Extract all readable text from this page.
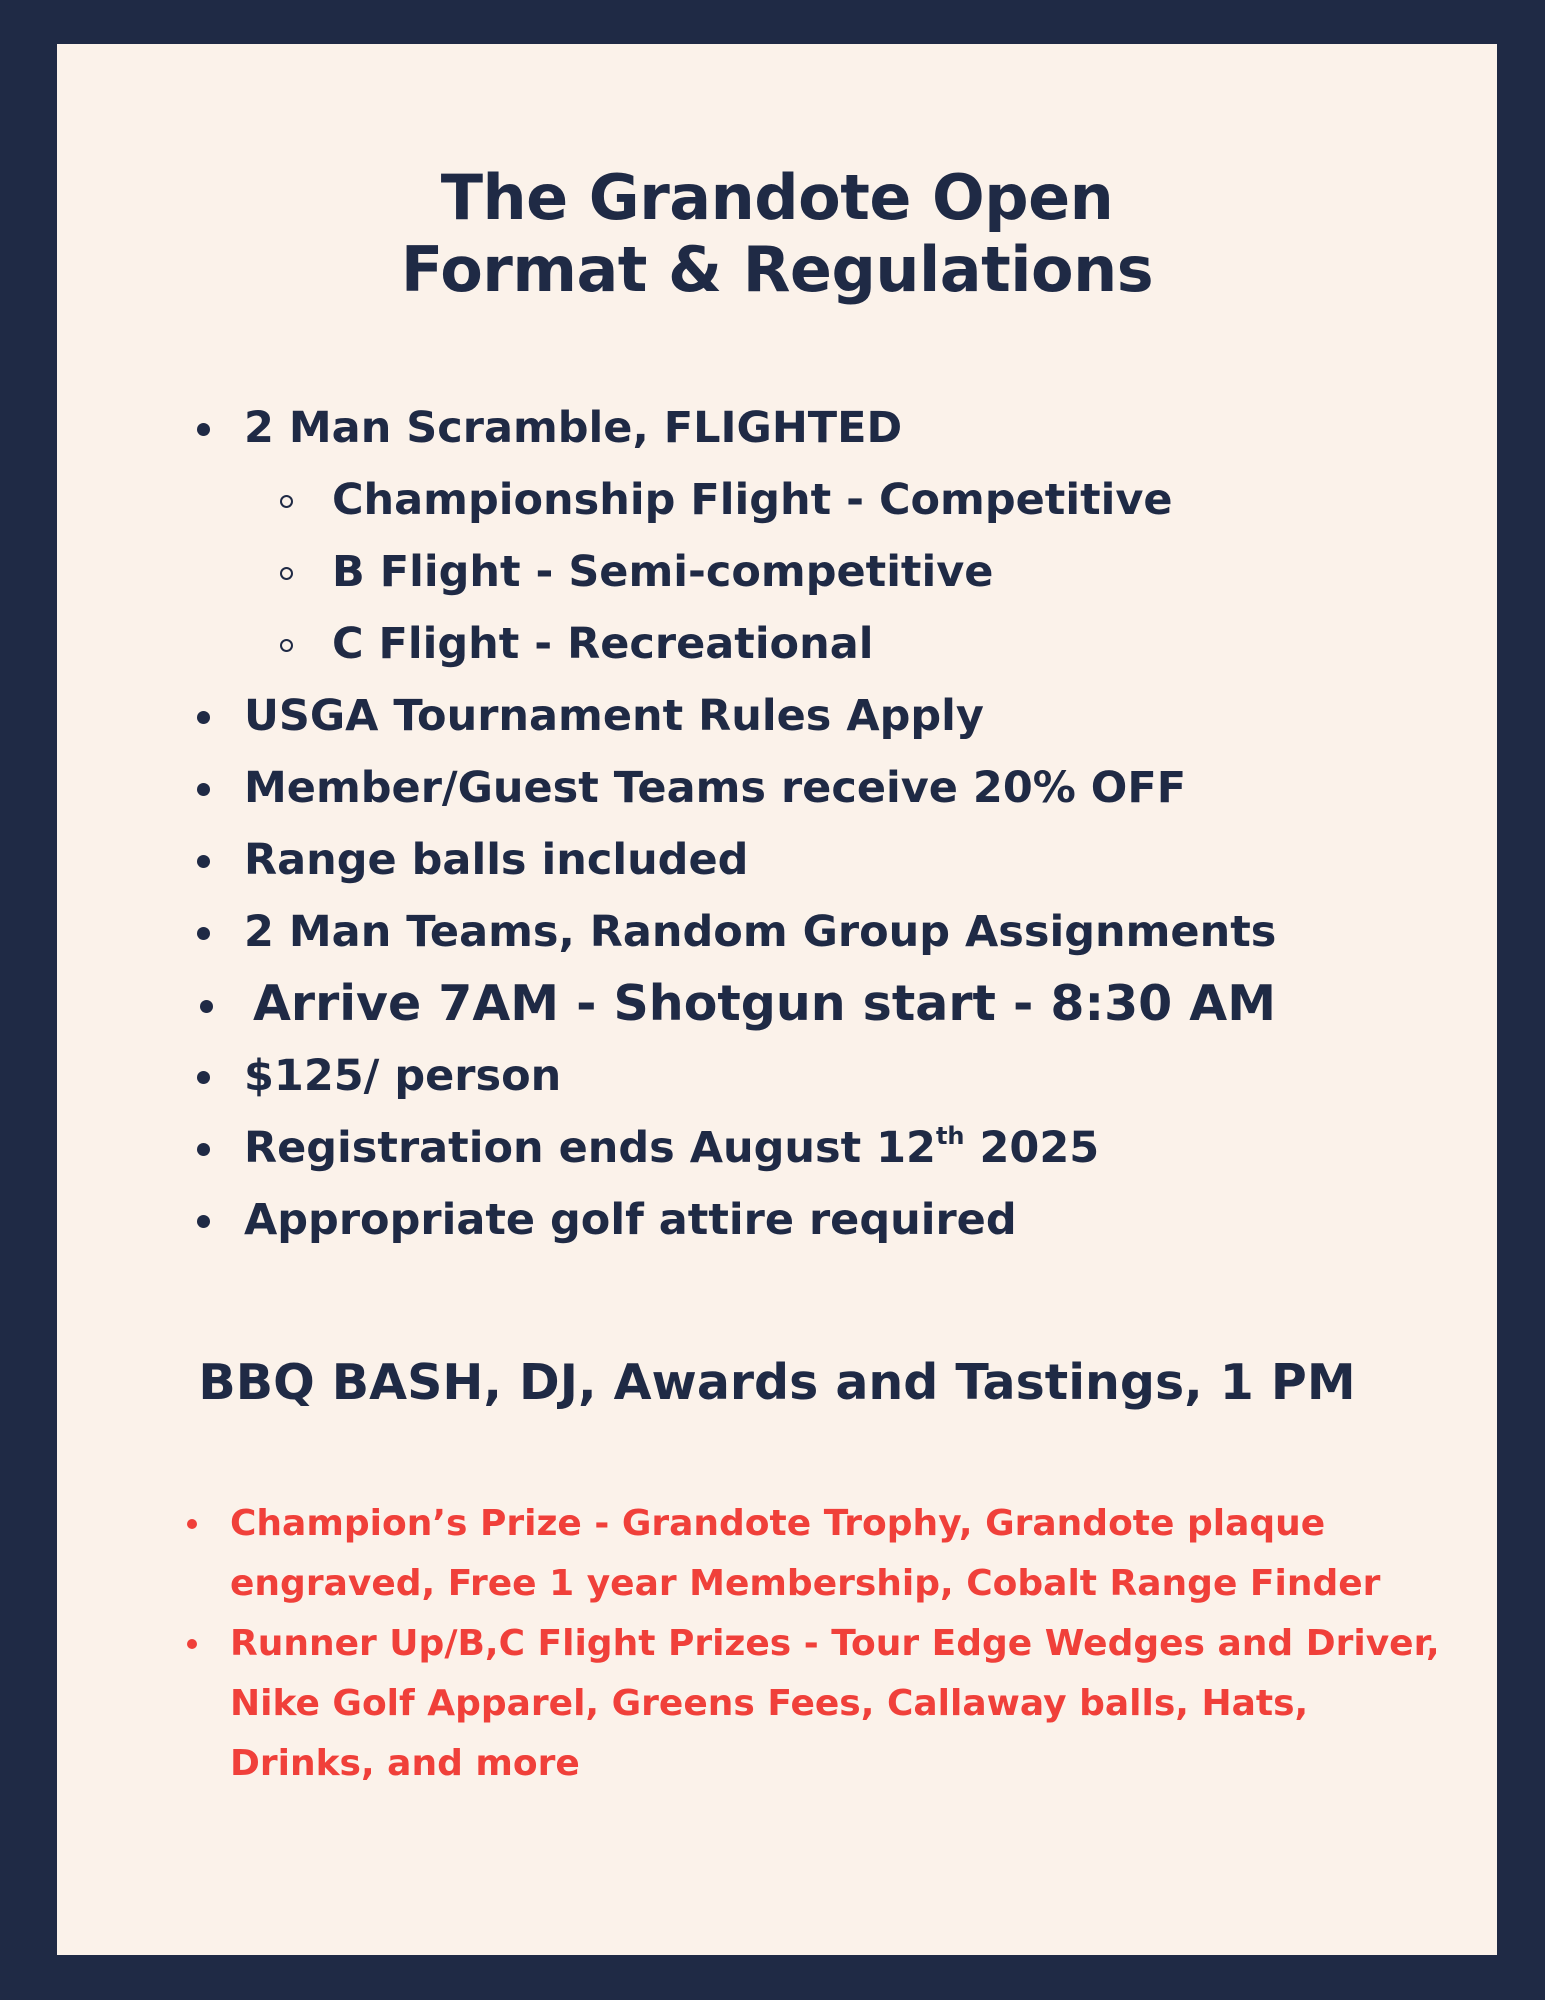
The Grandote Open
Format & Regulations
2 Man Scramble, FLIGHTED
Championship Flight - Competitive
B Flight - Semi-competitive
C Flight - Recreational
USGA Tournament Rules Apply
Member/Guest Teams receive 20% OFF
Range balls included
2 Man Teams, Random Group Assignments
Arrive 7AM - Shotgun start - 8:30 AM
$125/ person
Registration ends August 12th 2025
Appropriate golf attire required
BBQ BASH, DJ, Awards and Tastings, 1 PM
Champion’s Prize - Grandote Trophy, Grandote plaque engraved, Free 1 year Membership, Cobalt Range Finder
Runner Up/B,C Flight Prizes - Tour Edge Wedges and Driver, Nike Golf Apparel, Greens Fees, Callaway balls, Hats, Drinks, and more
